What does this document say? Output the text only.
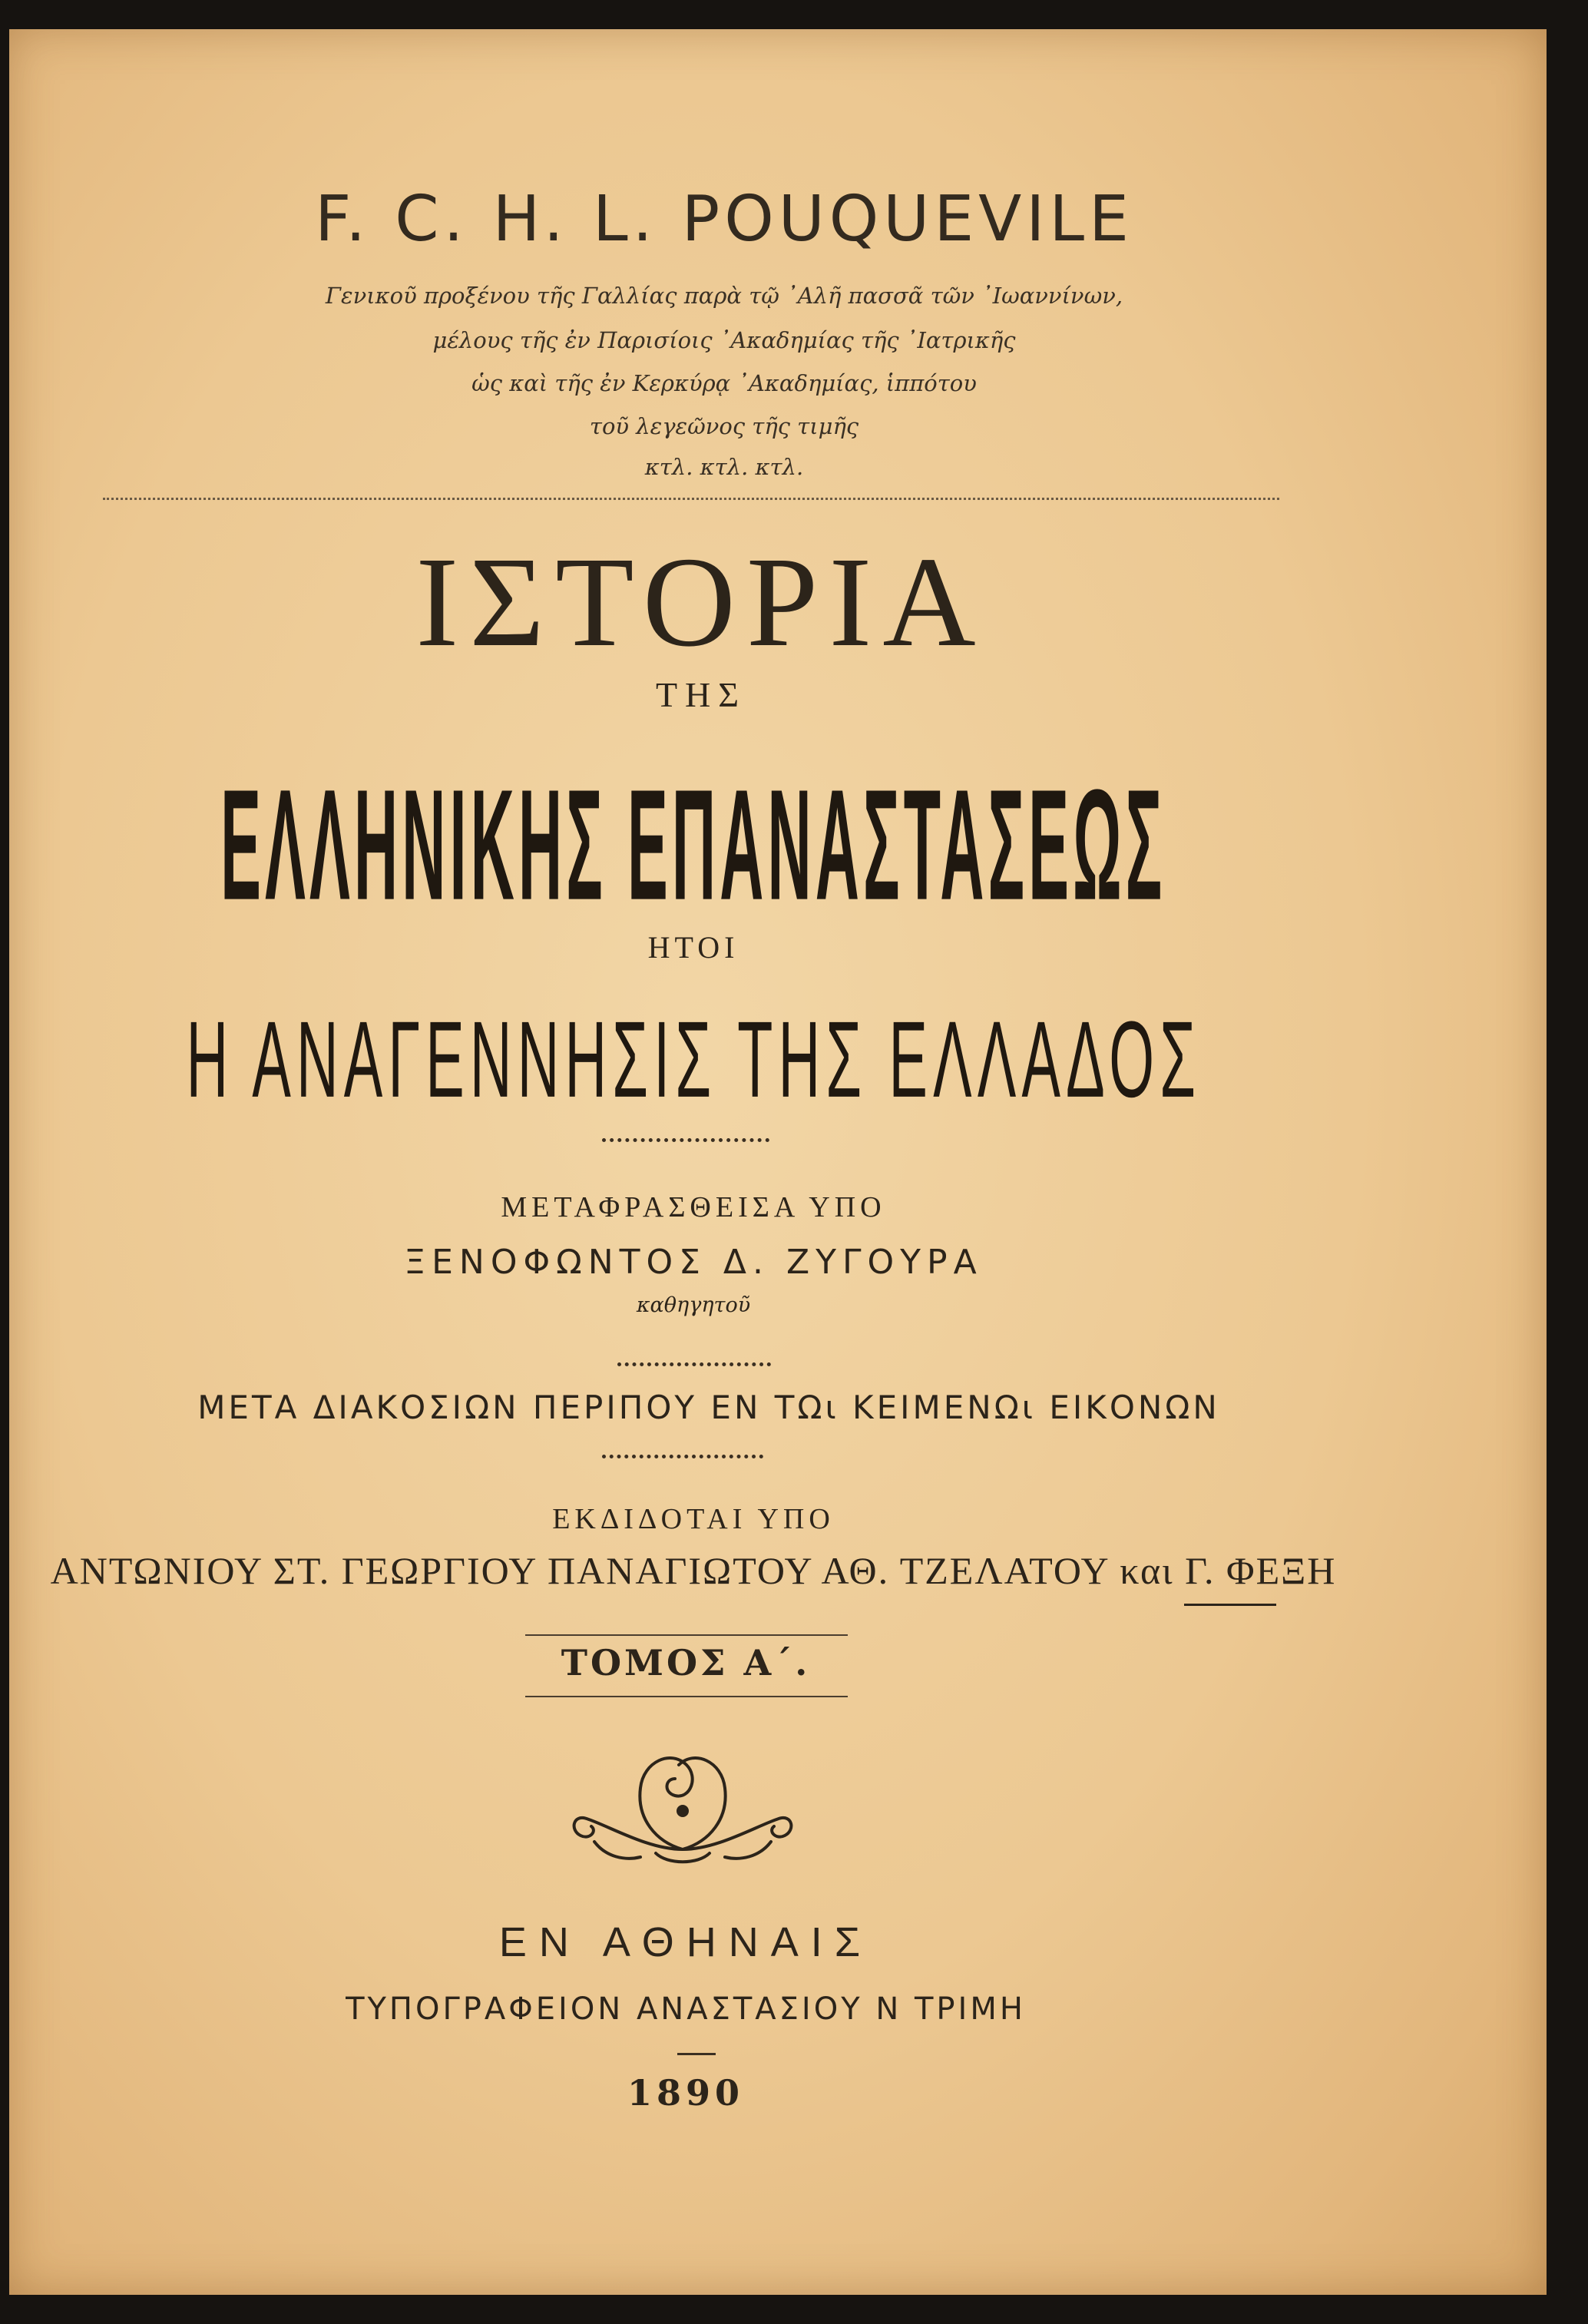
F. C. H. L. POUQUEVILE
Γενικοῦ προξένου τῆς Γαλλίας παρὰ τῷ ᾿Αλῆ πασσᾶ τῶν ᾿Ιωαννίνων,
μέλους τῆς ἐν Παρισίοις ᾿Ακαδημίας τῆς ᾿Ιατρικῆς
ὡς καὶ τῆς ἐν Κερκύρᾳ ᾿Ακαδημίας, ἱππότου
τοῦ λεγεῶνος τῆς τιμῆς
κτλ. κτλ. κτλ.
ΙΣΤΟΡΙΑ
ΤΗΣ
ΕΛΛΗΝΙΚΗΣ ΕΠΑΝΑΣΤΑΣΕΩΣ
ΗΤΟΙ
Η ΑΝΑΓΕΝΝΗΣΙΣ ΤΗΣ ΕΛΛΑΔΟΣ
ΜΕΤΑΦΡΑΣΘΕΙΣΑ ΥΠΟ
ΞΕΝΟΦΩΝΤΟΣ Δ. ΖΥΓΟΥΡΑ
καθηγητοῦ
ΜΕΤΑ ΔΙΑΚΟΣΙΩΝ ΠΕΡΙΠΟΥ ΕΝ ΤΩι ΚΕΙΜΕΝΩι ΕΙΚΟΝΩΝ
ΕΚΔΙΔΟΤΑΙ ΥΠΟ
ΑΝΤΩΝΙΟΥ ΣΤ. ΓΕΩΡΓΙΟΥ ΠΑΝΑΓΙΩΤΟΥ ΑΘ. ΤΖΕΛΑΤΟΥ και Γ. ΦΕΞΗ
ΤΟΜΟΣ Α΄.
ΕΝ ΑΘΗΝΑΙΣ
ΤΥΠΟΓΡΑΦΕΙΟΝ ΑΝΑΣΤΑΣΙΟΥ Ν ΤΡΙΜΗ
1890
